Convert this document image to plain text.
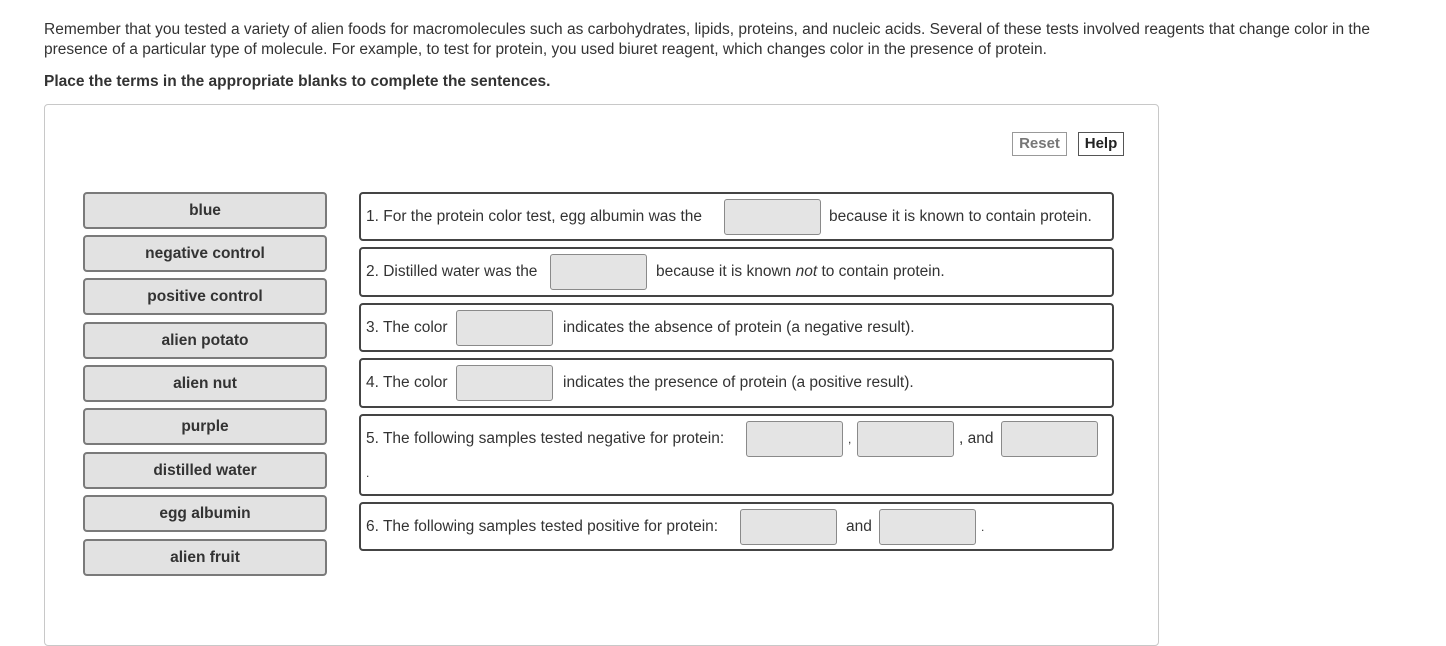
Remember that you tested a variety of alien foods for macromolecules such as carbohydrates, lipids, proteins, and nucleic acids. Several of these tests involved reagents that change color in the presence of a particular type of molecule. For example, to test for protein, you used biuret reagent, which changes color in the presence of protein.
Place the terms in the appropriate blanks to complete the sentences.
Reset	Help
blue
negative control
positive control
alien potato
alien nut
purple
distilled water
egg albumin
alien fruit
1. For the protein color test, egg albumin was the	because it is known to contain protein.
2. Distilled water was the	because it is known not to contain protein.
3. The color	indicates the absence of protein (a negative result).
4. The color	indicates the presence of protein (a positive result).
5. The following samples tested negative for protein:	,	, and
.
6. The following samples tested positive for protein:	and	.
